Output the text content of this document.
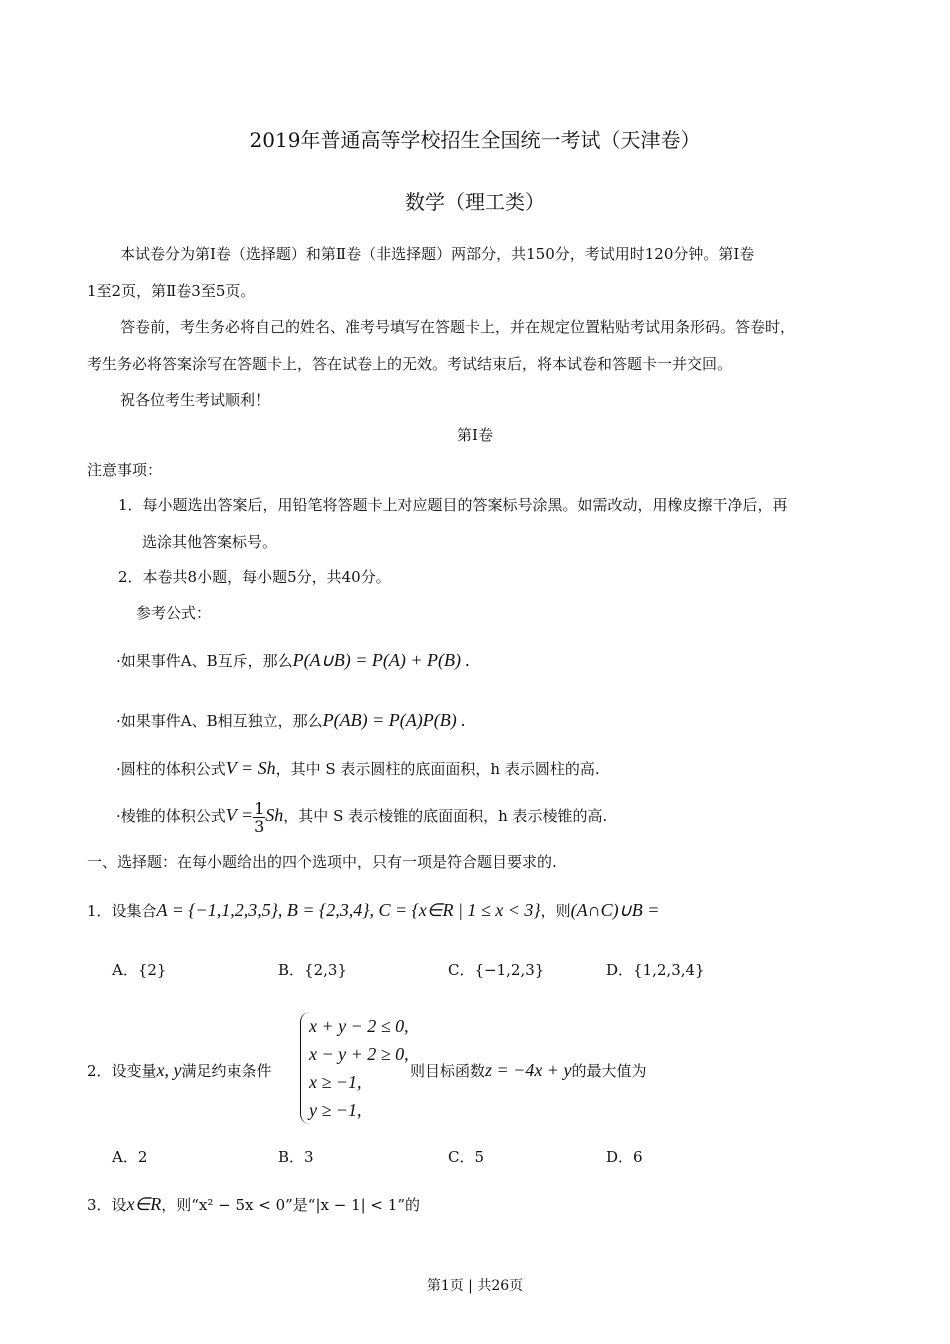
2019年普通高等学校招生全国统一考试（天津卷）
数学（理工类）
本试卷分为第Ⅰ卷（选择题）和第Ⅱ卷（非选择题）两部分，共150分，考试用时120分钟。第Ⅰ卷
1至2页，第Ⅱ卷3至5页。
答卷前，考生务必将自己的姓名、准考号填写在答题卡上，并在规定位置粘贴考试用条形码。答卷时，
考生务必将答案涂写在答题卡上，答在试卷上的无效。考试结束后，将本试卷和答题卡一并交回。
祝各位考生考试顺利！
第Ⅰ卷
注意事项：
1．每小题选出答案后，用铅笔将答题卡上对应题目的答案标号涂黑。如需改动，用橡皮擦干净后，再
选涂其他答案标号。
2．本卷共8小题，每小题5分，共40分。
参考公式：
·如果事件A、B互斥，那么P(A∪B) = P(A) + P(B) .
·如果事件A、B相互独立，那么P(AB) = P(A)P(B) .
·圆柱的体积公式V = Sh，其中 S 表示圆柱的底面面积，h 表示圆柱的高.
·棱锥的体积公式$V = \frac{1}{3}$ Sh，其中 S 表示棱锥的底面面积，h 表示棱锥的高.
一、选择题：在每小题给出的四个选项中，只有一项是符合题目要求的.
1．设集合A = {−1,1,2,3,5}, B = {2,3,4}, C = {x∈R | 1 ≤ x < 3}，则(A∩C)∪B =
A．{2}	B．{2,3}	C．{−1,2,3}	D．{1,2,3,4}
2．设变量x, y满足约束条件
x + y − 2 ≤ 0,
x − y + 2 ≥ 0,
x ≥ −1,
y ≥ −1,
则目标函数z = −4x + y的最大值为
A．2	B．3	C．5	D．6
3．设x∈R，则“x² − 5x < 0”是“|x − 1| < 1”的
第1页 | 共26页
